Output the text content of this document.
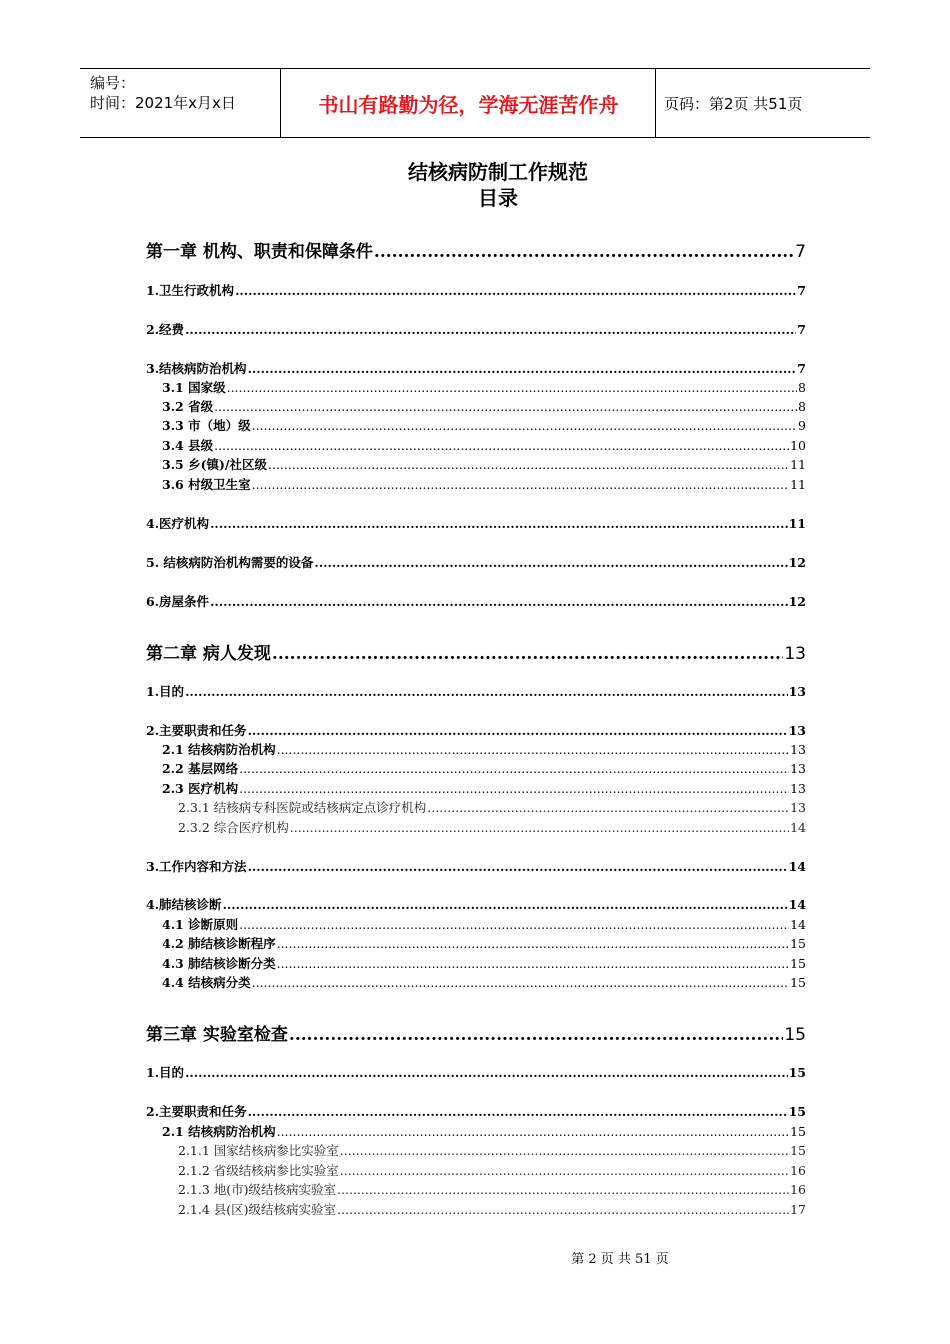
编号：
时间：2021年x月x日	书山有路勤为径，学海无涯苦作舟	页码：第2页 共51页
结核病防制工作规范
目录
第一章 机构、职责和保障条件 .....	7
1.卫生行政机构 .....	7
2.经费 .....	7
3.结核病防治机构 .....	7
3.1 国家级 .....	8
3.2 省级 .....	8
3.3 市（地）级 .....	9
3.4 县级 .....	10
3.5 乡(镇)/社区级 .....	11
3.6 村级卫生室 .....	11
4.医疗机构 .....	11
5. 结核病防治机构需要的设备 .....	12
6.房屋条件 .....	12
第二章 病人发现 .....	13
1.目的 .....	13
2.主要职责和任务 .....	13
2.1 结核病防治机构 .....	13
2.2 基层网络 .....	13
2.3 医疗机构 .....	13
2.3.1 结核病专科医院或结核病定点诊疗机构 .....	13
2.3.2 综合医疗机构 .....	14
3.工作内容和方法 .....	14
4.肺结核诊断 .....	14
4.1 诊断原则 .....	14
4.2 肺结核诊断程序 .....	15
4.3 肺结核诊断分类 .....	15
4.4 结核病分类 .....	15
第三章 实验室检查 .....	15
1.目的 .....	15
2.主要职责和任务 .....	15
2.1 结核病防治机构 .....	15
2.1.1 国家结核病参比实验室 .....	15
2.1.2 省级结核病参比实验室 .....	16
2.1.3 地(市)级结核病实验室 .....	16
2.1.4 县(区)级结核病实验室 .....	17
第 2 页 共 51 页
